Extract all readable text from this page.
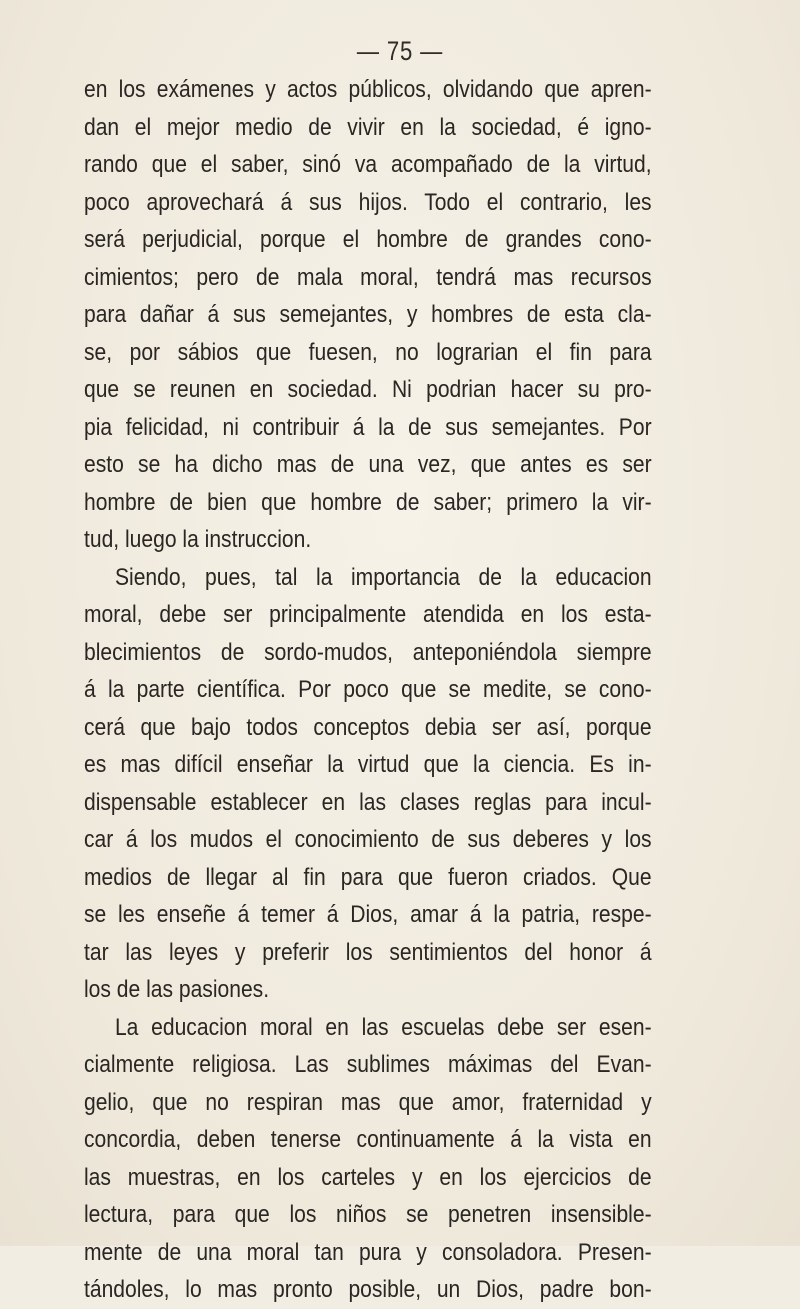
— 75 —
en los exámenes y actos públicos, olvidando que apren-
dan el mejor medio de vivir en la sociedad, é igno-
rando que el saber, sinó va acompañado de la virtud,
poco aprovechará á sus hijos. Todo el contrario, les
será perjudicial, porque el hombre de grandes cono-
cimientos; pero de mala moral, tendrá mas recursos
para dañar á sus semejantes, y hombres de esta cla-
se, por sábios que fuesen, no lograrian el fin para
que se reunen en sociedad. Ni podrian hacer su pro-
pia felicidad, ni contribuir á la de sus semejantes. Por
esto se ha dicho mas de una vez, que antes es ser
hombre de bien que hombre de saber; primero la vir-
tud, luego la instruccion.
Siendo, pues, tal la importancia de la educacion
moral, debe ser principalmente atendida en los esta-
blecimientos de sordo-mudos, anteponiéndola siempre
á la parte científica. Por poco que se medite, se cono-
cerá que bajo todos conceptos debia ser así, porque
es mas difícil enseñar la virtud que la ciencia. Es in-
dispensable establecer en las clases reglas para incul-
car á los mudos el conocimiento de sus deberes y los
medios de llegar al fin para que fueron criados. Que
se les enseñe á temer á Dios, amar á la patria, respe-
tar las leyes y preferir los sentimientos del honor á
los de las pasiones.
La educacion moral en las escuelas debe ser esen-
cialmente religiosa. Las sublimes máximas del Evan-
gelio, que no respiran mas que amor, fraternidad y
concordia, deben tenerse continuamente á la vista en
las muestras, en los carteles y en los ejercicios de
lectura, para que los niños se penetren insensible-
mente de una moral tan pura y consoladora. Presen-
tándoles, lo mas pronto posible, un Dios, padre bon-
